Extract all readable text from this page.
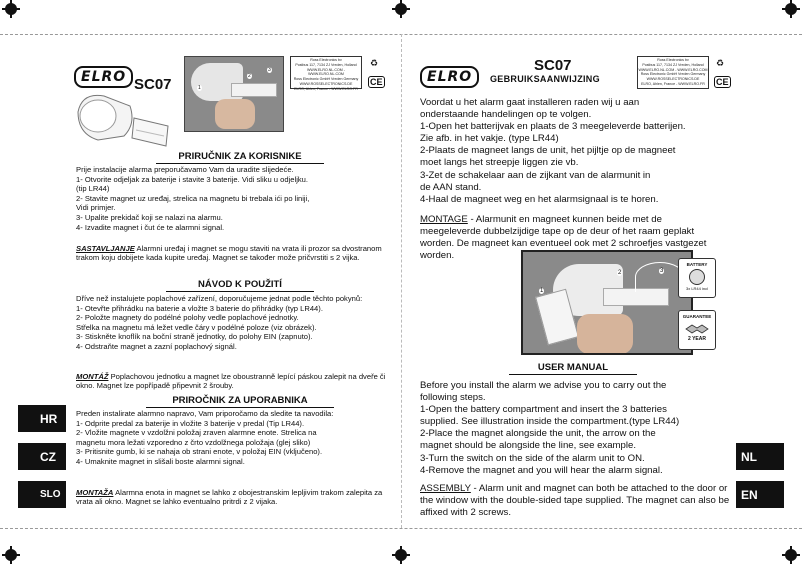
ELRO SC07	1
2
3
Ross Electronics bv
Postbus 117, 7134 ZJ Vreden, Holland
WWW.ELRO.NL.COM - WWW.ELRO.NL.COM
Ross Electronic GmbH Vreden Germany
WWW.ROSSELECTRONICS.DE
ELRO, Ahlen, France - WWW.ELRO.FR
♻
CE
PRIRUČNIK ZA KORISNIKE
Prije instalacije alarma preporučavamo Vam da uradite slijedeće.
1- Otvorite odjeljak za baterije i stavite 3 baterije. Vidi sliku u odjeljku.
(tip LR44)
2- Stavite magnet uz uređaj, strelica na magnetu bi trebala ići po liniji,
Vidi primjer.
3- Upalite prekidač koji se nalazi na alarmu.
4- Izvadite magnet i čut će te alarmni signal.

SASTAVLJANJE Alarmni uređaj i magnet se mogu staviti na vrata ili prozor sa dvostranom trakom koju dobijete kada kupite uređaj. Magnet se također može pričvrstiti s 2 vijka.

NÁVOD K POUŽITÍ
Dříve než instalujete poplachové zařízení, doporučujeme jednat podle těchto pokynů:
1- Otevřte přihrádku na baterie a vložte 3 baterie do přihrádky (typ LR44).
2- Položte magnety do podélné polohy vedle poplachové jednotky.
Střelka na magnetu má ležet vedle čáry v podélné poloze (viz obrázek).
3- Stiskněte knoflík na boční straně jednotky, do polohy EIN (zapnuto).
4- Odstraňte magnet a zazní poplachový signál.

MONTÁŽ Poplachovou jednotku a magnet lze oboustranně lepící páskou zalepit na dveře či okno. Magnet lze popřípadě připevnit 2 šrouby.

PRIROČNIK ZA UPORABNIKA
Preden instalirate alarmno napravo, Vam priporočamo da sledite ta navodila:
1- Odprite predal za baterije in vložite 3 baterije v predal (Tip LR44).
2- Vložite magnete v vzdolžni položaj zraven alarmne enote. Strelica na
magnetu mora ležati vzporedno z črto vzdolžnega položaja (glej sliko)
3- Pritisnite gumb, ki se nahaja ob strani enote, v položaj EIN (vključeno).
4- Umaknite magnet in slišali boste alarmni signal.

MONTAŽA Alarmna enota in magnet se lahko z obojestranskim lepljivim trakom zalepita za vrata ali okno. Magnet se lahko eventualno pritrdi z 2 vijaka.

HR
CZ
SLO
ELRO
SC07
GEBRUIKSAANWIJZING
Ross Electronics bv
Postbus 117, 7134 ZJ Vreden, Holland
WWW.ELRO.NL.COM - WWW.ELRO.COM
Ross Electronic GmbH Vreden Germany
WWW.ROSSELECTRONICS.DE
ELRO, Ahlen, France - WWW.ELRO.FR
♻
CE
Voordat u het alarm gaat installeren raden wij u aan
onderstaande handelingen op te volgen.
1-Open het batterijvak en plaats de 3 meegeleverde batterijen.
Zie afb. in het vakje. (type LR44)
2-Plaats de magneet langs de unit, het pijltje op de magneet
moet langs het streepje liggen zie vb.
3-Zet de schakelaar aan de zijkant van de alarmunit in
de AAN stand.
4-Haal de magneet weg en het alarmsignaal is te horen.

MONTAGE - Alarmunit en magneet kunnen beide met de meegeleverde dubbelzijdige tape op de deur of het raam geplakt worden. De magneet kan eventueel ook met 2 schroefjes vastgezet worden.

1
2	3
BATTERY
3x LR44 incl
GUARANTEE
2 YEAR
USER MANUAL
Before you install the alarm we advise you to carry out the
following steps.
1-Open the battery compartment and insert the 3 batteries
supplied. See illustration inside the compartment.(type LR44)
2-Place the magnet alongside the unit, the arrow on the
magnet should be alongside the line, see example.
3-Turn the switch on the side of the alarm unit to ON.
4-Remove the magnet and you will hear the alarm signal.

ASSEMBLY - Alarm unit and magnet can both be attached to the door or the window with the double-sided tape supplied. The magnet can also be affixed with 2 screws.

NL
EN
